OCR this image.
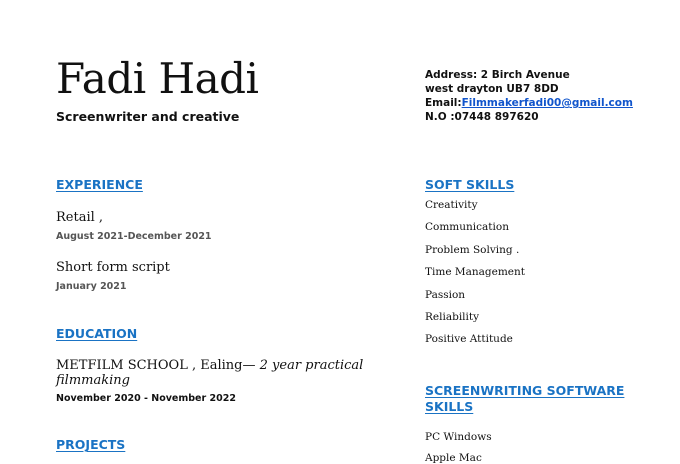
Fadi Hadi
Screenwriter and creative
Address: 2 Birch Avenue
west drayton UB7 8DD
Email:Filmmakerfadi00@gmail.com
N.O :07448 897620
EXPERIENCE
Retail ,
August 2021-December 2021
Short form script
January 2021
EDUCATION
METFILM SCHOOL , Ealing— 2 year practical
filmmaking
November 2020 - November 2022
PROJECTS
SOFT SKILLS
Creativity
Communication
Problem Solving .
Time Management
Passion
Reliability
Positive Attitude
SCREENWRITING SOFTWARE
SKILLS
PC Windows
Apple Mac
